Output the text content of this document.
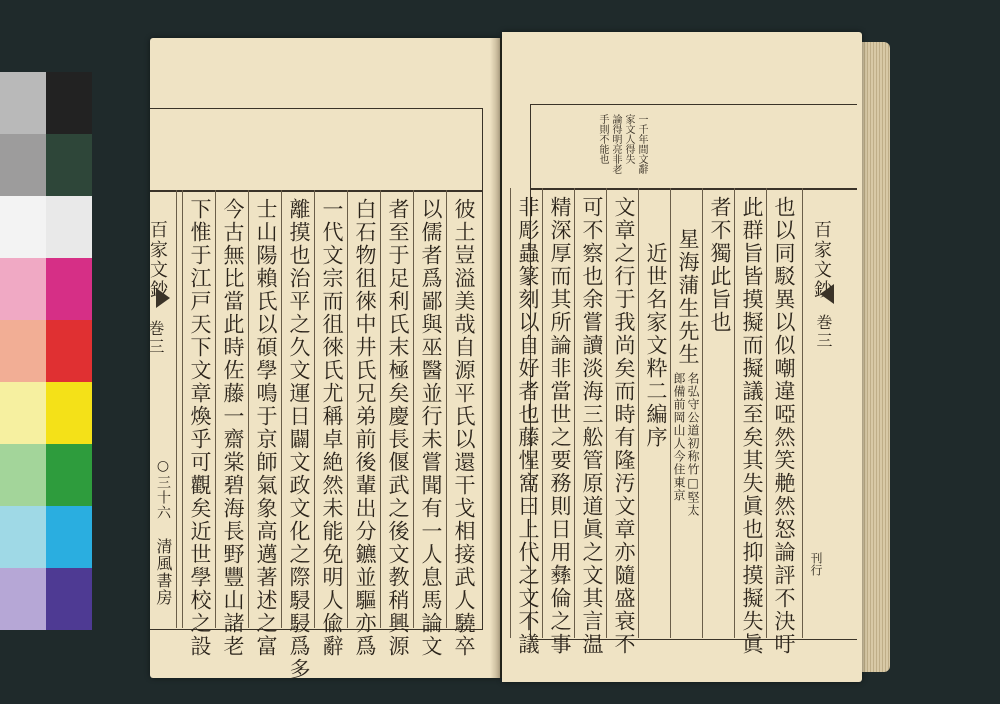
百家文鈔
巻三
○三十六
清風書房	彼土豈溢美哉自源平氏以還干戈相接武人驍卒
以儒者爲鄙與巫醫並行未嘗聞有一人息馬論文
者至于足利氏末極矣慶長偃武之後文教稍興源
白石物徂徠中井氏兄弟前後輩出分鑣並驅亦爲
一代文宗而徂徠氏尤稱卓絶然未能免明人偸辭
離摸也治平之久文運日闢文政文化之際駸駸爲多
士山陽賴氏以碩學鳴于京師氣象高邁著述之富
今古無比當此時佐藤一齋棠碧海長野豐山諸老
下惟于江戸天下文章煥乎可觀矣近世學校之設
一千年間文辭
家文人得失
論得明亮非老
手則不能也
百家文鈔
巻三
刊行
也以同駁異以似嘲違啞然笑艴然怒論評不決吁
此群旨皆摸擬而擬議至矣其失眞也抑摸擬失眞
者不獨此旨也
星海蒲生先生
名弘守公道初称竹□堅太
郎備前岡山人今住東京
近世名家文粋二編序
文章之行于我尚矣而時有隆汚文章亦隨盛衰不
可不察也余嘗讀淡海三舩管原道眞之文其言温
精深厚而其所論非當世之要務則日用彝倫之事
非彫蟲篆刻以自好者也藤惺窩曰上代之文不議
